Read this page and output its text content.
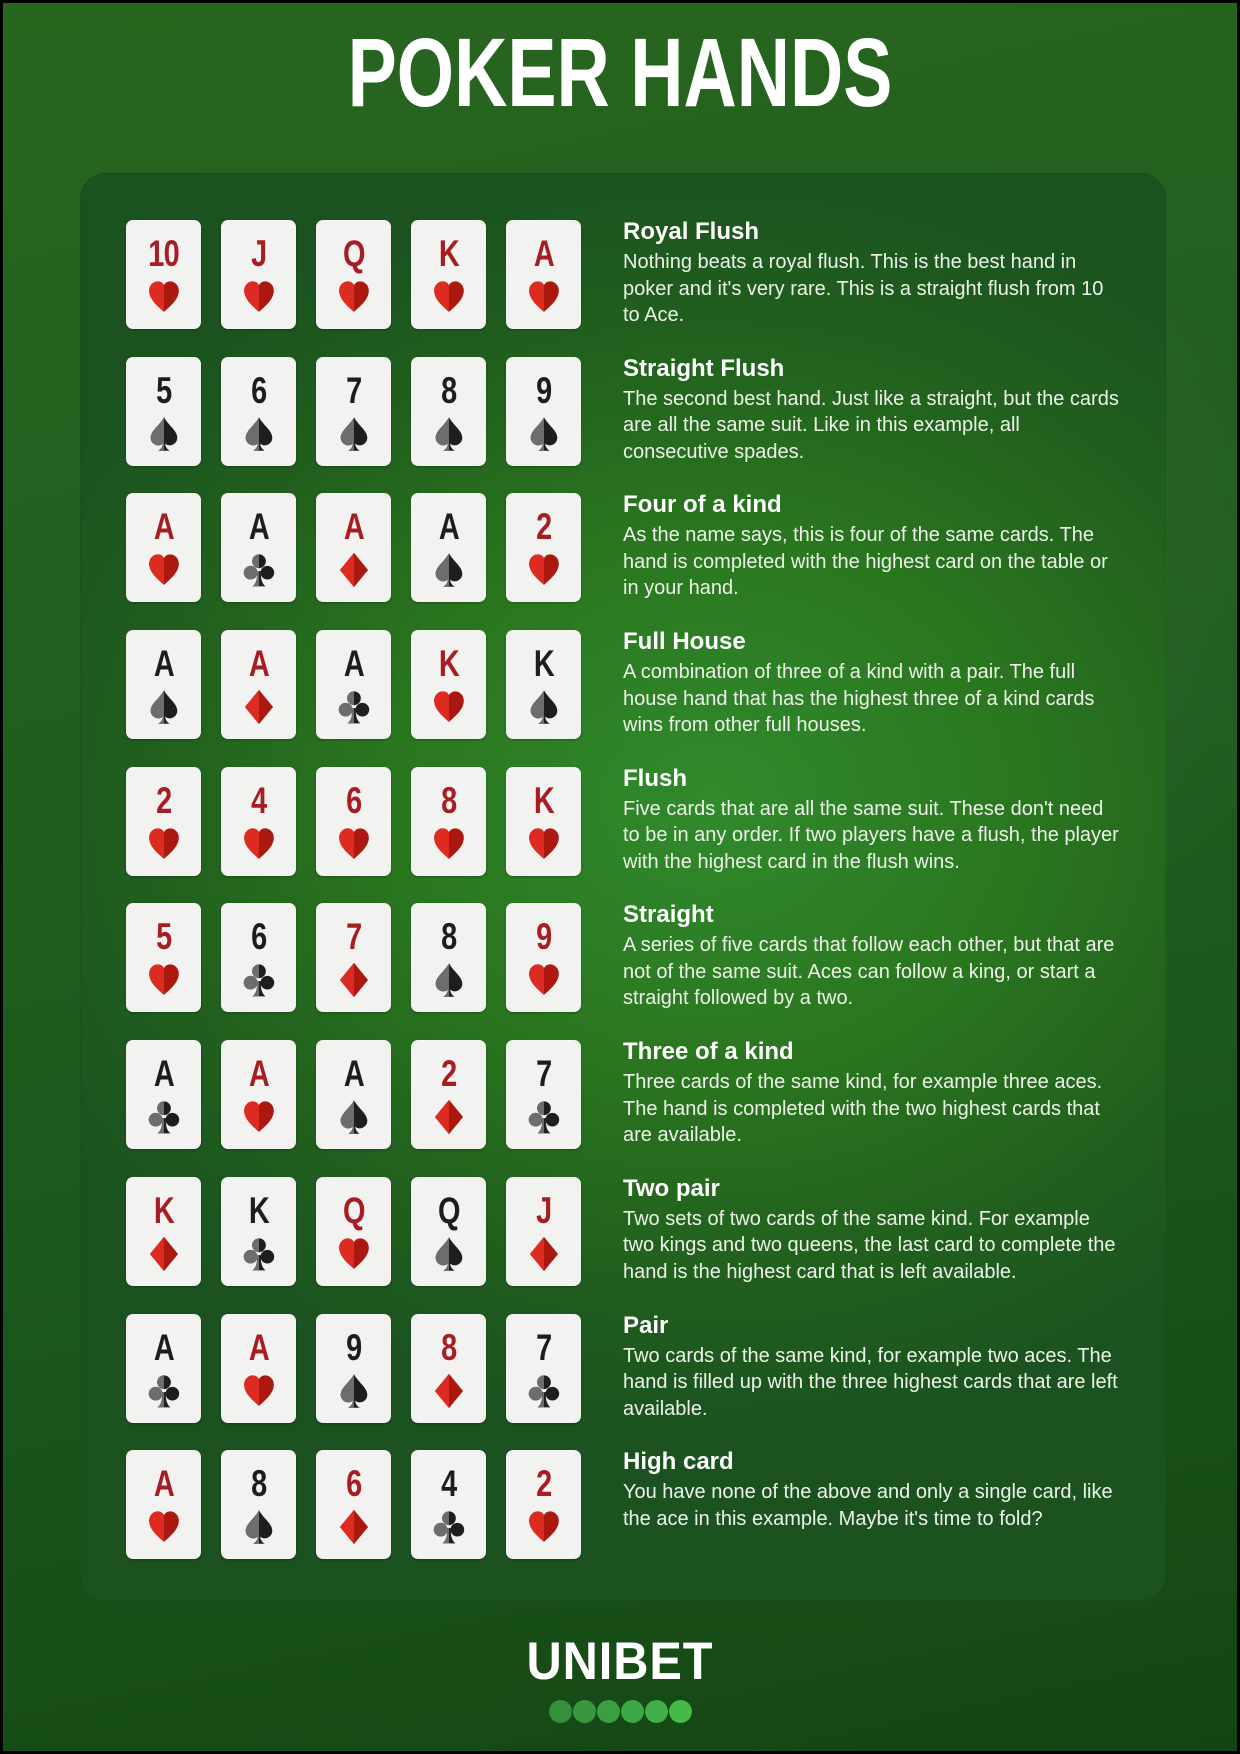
POKER HANDS
10 J Q K A
Royal Flush

Nothing beats a royal flush. This is the best hand in poker and it's very rare. This is a straight flush from 10 to Ace.

5 6 7 8 9
Straight Flush

The second best hand. Just like a straight, but the cards are all the same suit. Like in this example, all consecutive spades.

A A A A 2
Four of a kind

As the name says, this is four of the same cards. The hand is completed with the highest card on the table or in your hand.

A A A K K
Full House

A combination of three of a kind with a pair. The full house hand that has the highest three of a kind cards wins from other full houses.

2 4 6 8 K
Flush

Five cards that are all the same suit. These don't need to be in any order. If two players have a flush, the player with the highest card in the flush wins.

5 6 7 8 9
Straight

A series of five cards that follow each other, but that are not of the same suit. Aces can follow a king, or start a straight followed by a two.

A A A 2 7
Three of a kind

Three cards of the same kind, for example three aces. The hand is completed with the two highest cards that are available.

K K Q Q J
Two pair

Two sets of two cards of the same kind. For example two kings and two queens, the last card to complete the hand is the highest card that is left available.

A A 9 8 7
Pair

Two cards of the same kind, for example two aces. The hand is filled up with the three highest cards that are left available.

A 8 6 4 2
High card

You have none of the above and only a single card, like the ace in this example. Maybe it's time to fold?

UNIBET
